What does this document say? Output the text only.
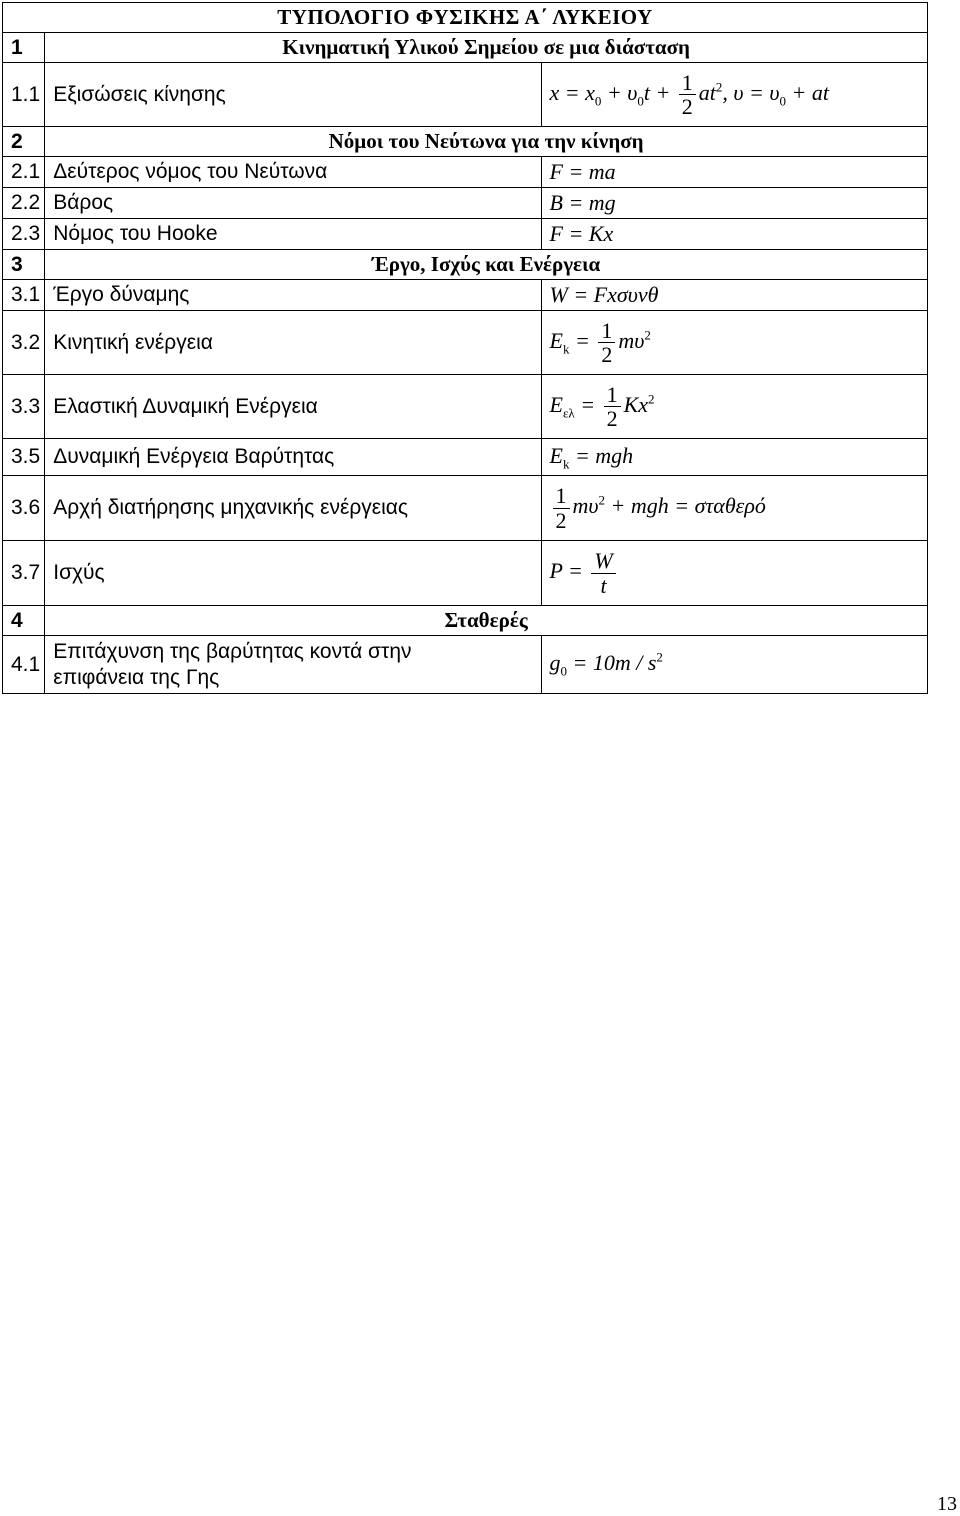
ΤΥΠΟΛΟΓΙΟ ΦΥΣΙΚΗΣ Α΄ ΛΥΚΕΙΟΥ		
1	Κινηματική Υλικού Σημείου σε μια διάσταση	
1.1	Εξισώσεις κίνησης	$x = x_0 + \upsilon_0t + \frac{1}{2} at^2$, $\upsilon = \upsilon_0$ + at
2	Νόμοι του Νεύτωνα για την κίνηση	
2.1	Δεύτερος νόμος του Νεύτωνα	F = ma
2.2	Βάρος	B = mg
2.3	Νόμος του Hooke	F = Kx
3	Έργο, Ισχύς και Ενέργεια	
3.1	Έργο δύναμης	W = Fxσυνθ
3.2	Κινητική ενέργεια	$E_k = \frac{1}{2} m\upsilon^2$
3.3	Ελαστική Δυναμική Ενέργεια	$E_{\varepsilon\lambda} = \frac{1}{2} Kx^2$
3.5	Δυναμική Ενέργεια Βαρύτητας	$E_k$ = mgh
3.6	Αρχή διατήρησης μηχανικής ενέργειας	$\frac{1}{2} m\upsilon^2$ + mgh = σταθερό
3.7	Ισχύς	$P = \frac{W}{t}$

4	Σταθερές	
4.1	Επιτάχυνση της βαρύτητας κοντά στην
επιφάνεια της Γης	$g_0 = 10m / s^2$
13
